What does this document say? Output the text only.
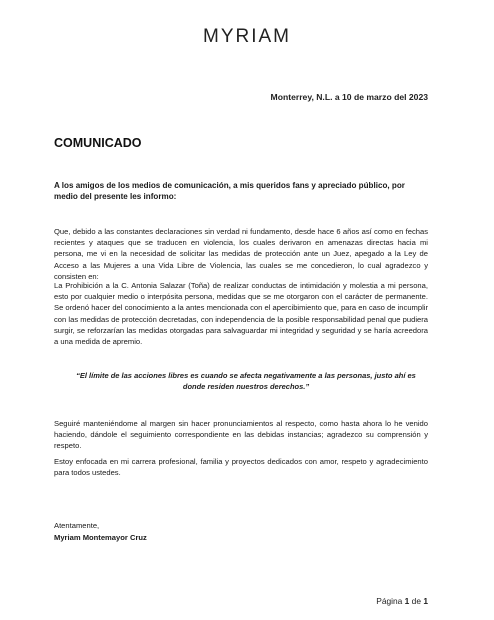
MYRIAM
Monterrey, N.L. a 10 de marzo del 2023
COMUNICADO
A los amigos de los medios de comunicación, a mis queridos fans y apreciado público, por medio del presente les informo:
Que, debido a las constantes declaraciones sin verdad ni fundamento, desde hace 6 años así como en fechas recientes y ataques que se traducen en violencia, los cuales derivaron en amenazas directas hacia mi persona, me vi en la necesidad de solicitar las medidas de protección ante un Juez, apegado a la Ley de Acceso a las Mujeres a una Vida Libre de Violencia, las cuales se me concedieron, lo cual agradezco y consisten en:
La Prohibición a la C. Antonia Salazar (Toña) de realizar conductas de intimidación y molestia a mi persona, esto por cualquier medio o interpósita persona, medidas que se me otorgaron con el carácter de permanente. Se ordenó hacer del conocimiento a la antes mencionada con el apercibimiento que, para en caso de incumplir con las medidas de protección decretadas, con independencia de la posible responsabilidad penal que pudiera surgir, se reforzarían las medidas otorgadas para salvaguardar mi integridad y seguridad y se haría acreedora a una medida de apremio.
“El límite de las acciones libres es cuando se afecta negativamente a las personas, justo ahí es donde residen nuestros derechos.”
Seguiré manteniéndome al margen sin hacer pronunciamientos al respecto, como hasta ahora lo he venido haciendo, dándole el seguimiento correspondiente en las debidas instancias; agradezco su comprensión y respeto.
Estoy enfocada en mi carrera profesional, familia y proyectos dedicados con amor, respeto y agradecimiento para todos ustedes.
Atentamente,
Myriam Montemayor Cruz
Página 1 de 1
